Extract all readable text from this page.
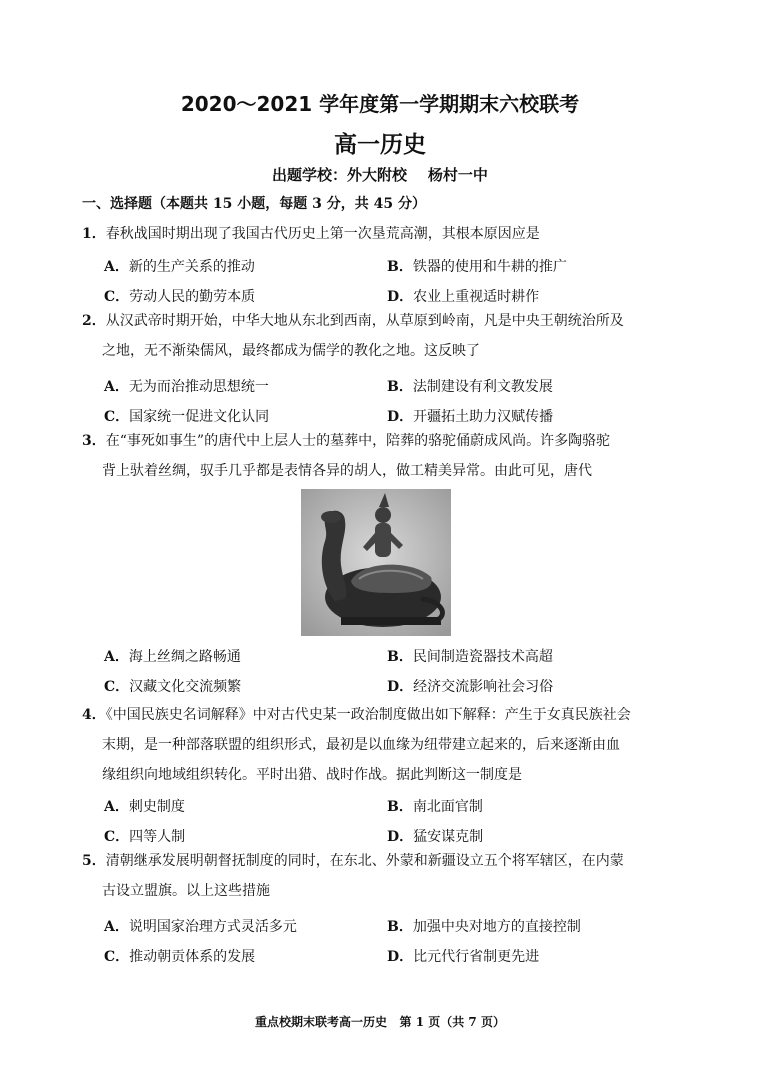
2020～2021 学年度第一学期期末六校联考
高一历史
出题学校：外大附校    杨村一中
一、选择题（本题共 15 小题，每题 3 分，共 45 分）
1．春秋战国时期出现了我国古代历史上第一次垦荒高潮，其根本原因应是
A．新的生产关系的推动	B．铁器的使用和牛耕的推广
C．劳动人民的勤劳本质	D．农业上重视适时耕作
2．从汉武帝时期开始，中华大地从东北到西南，从草原到岭南，凡是中央王朝统治所及
之地，无不渐染儒风，最终都成为儒学的教化之地。这反映了
A．无为而治推动思想统一	B．法制建设有利文教发展
C．国家统一促进文化认同	D．开疆拓土助力汉赋传播
3．在“事死如事生”的唐代中上层人士的墓葬中，陪葬的骆驼俑蔚成风尚。许多陶骆驼
背上驮着丝绸，驭手几乎都是表情各异的胡人，做工精美异常。由此可见，唐代
A．海上丝绸之路畅通	B．民间制造瓷器技术高超
C．汉藏文化交流频繁	D．经济交流影响社会习俗
4．《中国民族史名词解释》中对古代史某一政治制度做出如下解释：产生于女真民族社会
末期，是一种部落联盟的组织形式，最初是以血缘为纽带建立起来的，后来逐渐由血
缘组织向地域组织转化。平时出猎、战时作战。据此判断这一制度是
A．刺史制度	B．南北面官制
C．四等人制	D．猛安谋克制
5．清朝继承发展明朝督抚制度的同时，在东北、外蒙和新疆设立五个将军辖区，在内蒙
古设立盟旗。以上这些措施
A．说明国家治理方式灵活多元	B．加强中央对地方的直接控制
C．推动朝贡体系的发展	D．比元代行省制更先进
重点校期末联考高一历史   第 1 页（共 7 页）
